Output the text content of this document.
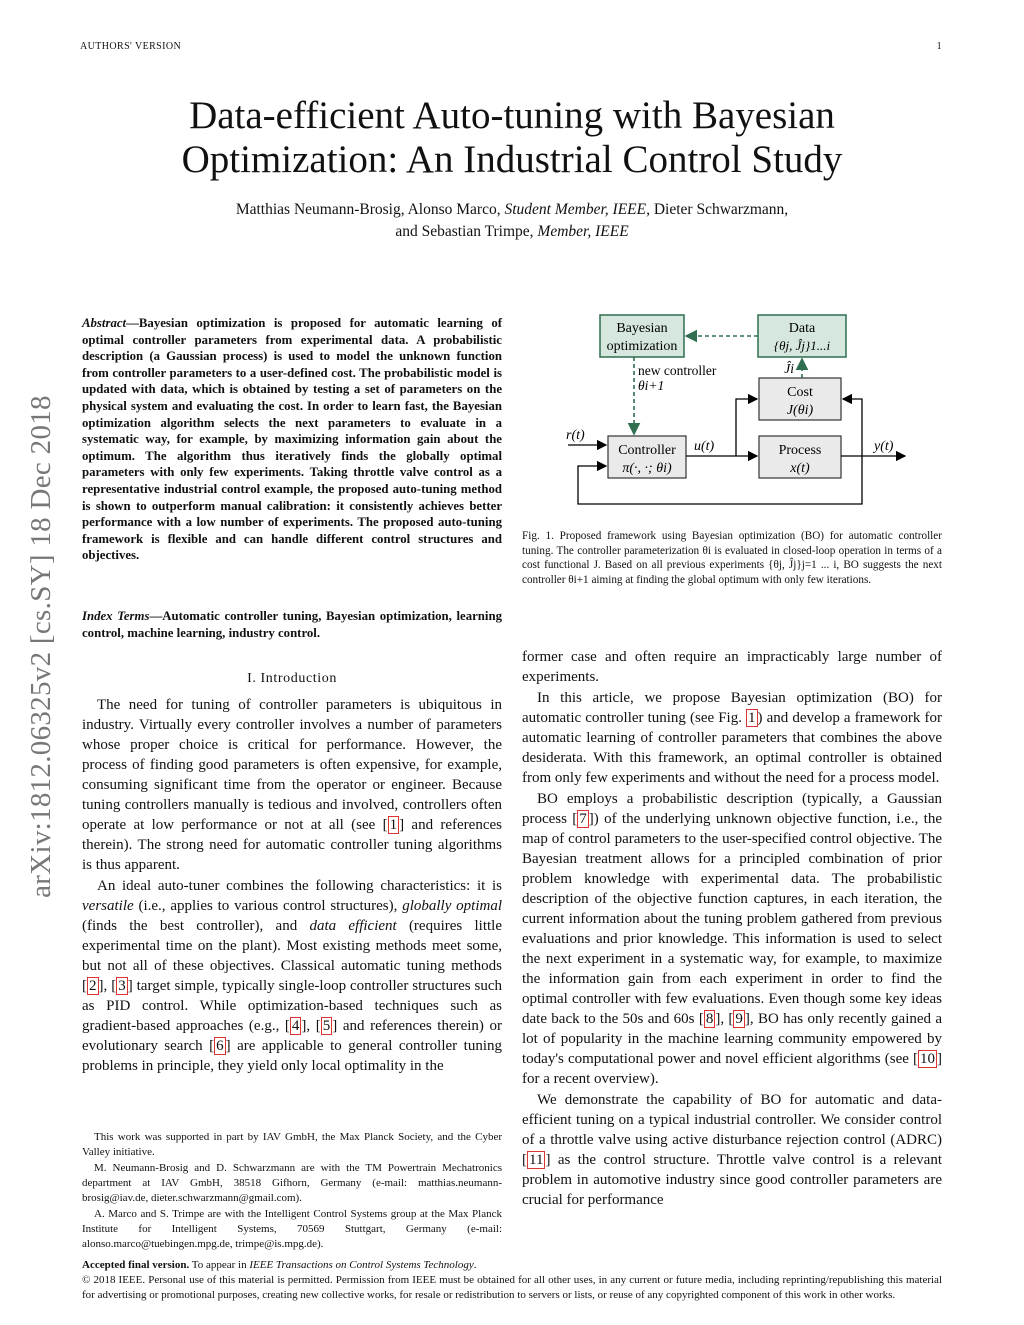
AUTHORS' VERSION	1
Data-efficient Auto-tuning with Bayesian Optimization: An Industrial Control Study
Matthias Neumann-Brosig, Alonso Marco, Student Member, IEEE, Dieter Schwarzmann,
and Sebastian Trimpe, Member, IEEE
arXiv:1812.06325v2 [cs.SY] 18 Dec 2018
Abstract—Bayesian optimization is proposed for automatic learning of optimal controller parameters from experimental data. A probabilistic description (a Gaussian process) is used to model the unknown function from controller parameters to a user-defined cost. The probabilistic model is updated with data, which is obtained by testing a set of parameters on the physical system and evaluating the cost. In order to learn fast, the Bayesian optimization algorithm selects the next parameters to evaluate in a systematic way, for example, by maximizing information gain about the optimum. The algorithm thus iteratively finds the globally optimal parameters with only few experiments. Taking throttle valve control as a representative industrial control example, the proposed auto-tuning method is shown to outperform manual calibration: it consistently achieves better performance with a low number of experiments. The proposed auto-tuning framework is flexible and can handle different control structures and objectives.
Index Terms—Automatic controller tuning, Bayesian optimization, learning control, machine learning, industry control.
I. Introduction

The need for tuning of controller parameters is ubiquitous in industry. Virtually every controller involves a number of parameters whose proper choice is critical for performance. However, the process of finding good parameters is often expensive, for example, consuming significant time from the operator or engineer. Because tuning controllers manually is tedious and involved, controllers often operate at low performance or not at all (see [ 1 ] and references therein). The strong need for automatic controller tuning algorithms is thus apparent.

An ideal auto-tuner combines the following characteristics: it is versatile (i.e., applies to various control structures), globally optimal (finds the best controller), and data efficient (requires little experimental time on the plant). Most existing methods meet some, but not all of these objectives. Classical automatic tuning methods [ 2 ], [ 3 ] target simple, typically single-loop controller structures such as PID control. While optimization-based techniques such as gradient-based approaches (e.g., [ 4 ], [ 5 ] and references therein) or evolutionary search [ 6 ] are applicable to general controller tuning problems in principle, they yield only local optimality in the

This work was supported in part by IAV GmbH, the Max Planck Society, and the Cyber Valley initiative.

M. Neumann-Brosig and D. Schwarzmann are with the TM Powertrain Mechatronics department at IAV GmbH, 38518 Gifhorn, Germany (e-mail: matthias.neumann-brosig@iav.de, dieter.schwarzmann@gmail.com).

A. Marco and S. Trimpe are with the Intelligent Control Systems group at the Max Planck Institute for Intelligent Systems, 70569 Stuttgart, Germany (e-mail: alonso.marco@tuebingen.mpg.de, trimpe@is.mpg.de).

Bayesian
optimization
Data
{θj, Ĵj}1...i
new controller
θi+1
Ĵi
Cost
J(θi)
Controller
π(·, ·; θi)
Process
x(t)
r(t)
u(t)	y(t)
Fig. 1. Proposed framework using Bayesian optimization (BO) for automatic controller tuning. The controller parameterization θi is evaluated in closed-loop operation in terms of a cost functional J. Based on all previous experiments {θj, Ĵj}j=1 ... i, BO suggests the next controller θi+1 aiming at finding the global optimum with only few iterations.

former case and often require an impracticably large number of experiments.

In this article, we propose Bayesian optimization (BO) for automatic controller tuning (see Fig. 1 ) and develop a framework for automatic learning of controller parameters that combines the above desiderata. With this framework, an optimal controller is obtained from only few experiments and without the need for a process model.

BO employs a probabilistic description (typically, a Gaussian process [ 7 ]) of the underlying unknown objective function, i.e., the map of control parameters to the user-specified control objective. The Bayesian treatment allows for a principled combination of prior problem knowledge with experimental data. The probabilistic description of the objective function captures, in each iteration, the current information about the tuning problem gathered from previous evaluations and prior knowledge. This information is used to select the next experiment in a systematic way, for example, to maximize the information gain from each experiment in order to find the optimal controller with few evaluations. Even though some key ideas date back to the 50s and 60s [ 8 ], [ 9 ], BO has only recently gained a lot of popularity in the machine learning community empowered by today's computational power and novel efficient algorithms (see [ 10 ] for a recent overview).

We demonstrate the capability of BO for automatic and data-efficient tuning on a typical industrial controller. We consider control of a throttle valve using active disturbance rejection control (ADRC) [ 11 ] as the control structure. Throttle valve control is a relevant problem in automotive industry since good controller parameters are crucial for performance

Accepted final version. To appear in IEEE Transactions on Control Systems Technology.
© 2018 IEEE. Personal use of this material is permitted. Permission from IEEE must be obtained for all other uses, in any current or future media, including reprinting/republishing this material for advertising or promotional purposes, creating new collective works, for resale or redistribution to servers or lists, or reuse of any copyrighted component of this work in other works.
